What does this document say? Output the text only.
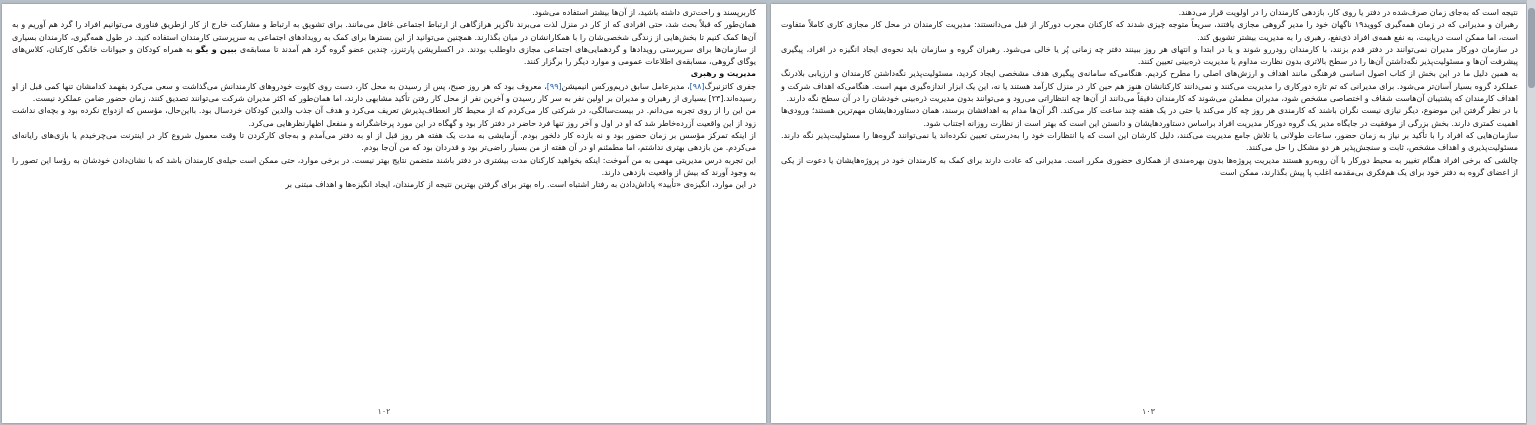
کاربرپسند و راحت‌تری داشته باشید، از آن‌ها بیشتر استفاده می‌شود.

همان‌طور که قبلاً بحث شد، حتی افرادی که از کار در منزل لذت می‌برند ناگزیر هرازگاهی از ارتباط اجتماعی غافل می‌مانند. برای تشویق به ارتباط و مشارکت خارج از کار ازطریق فناوری می‌توانیم افراد را گرد هم آوریم و به آن‌ها کمک کنیم تا بخش‌هایی از زندگی شخصی‌شان را با همکارانشان در میان بگذارند. همچنین می‌توانید از این بسترها برای کمک به رویدادهای اجتماعی به سرپرستی کارمندان استفاده کنید. در طول همه‌گیری، کارمندان بسیاری از سازمان‌ها برای سرپرستی رویدادها و گردهمایی‌های اجتماعی مجازی داوطلب بودند. در اکسلریشن پارتنرز، چندین عضو گروه گرد هم آمدند تا مسابقه‌ی ببین و بگو به همراه کودکان و حیوانات خانگی کارکنان، کلاس‌های یوگای گروهی، مسابقه‌ی اطلاعات عمومی و موارد دیگر را برگزار کنند.

مدیریت و رهبری

جفری کاتزنبرگ[۹۸]، مدیرعامل سابق دریم‌ورکس انیمیشن[۹۹]، معروف بود که هر روز صبح، پس از رسیدن به محل کار، دست روی کاپوت خودروهای کارمندانش می‌گذاشت و سعی می‌کرد بفهمد کدامشان تنها کمی قبل از او رسیده‌اند.[۲۳] بسیاری از رهبران و مدیران بر اولین نفر به سر کار رسیدن و آخرین نفر از محل کار رفتن تأکید مشابهی دارند، اما همان‌طور که اکثر مدیران شرکت می‌توانند تصدیق کنند، زمان حضور ضامن عملکرد نیست.

من این را از روی تجربه می‌دانم. در بیست‌سالگی، در شرکتی کار می‌کردم که از محیط کار انعطاف‌پذیرش تعریف می‌کرد و هدف آن جذب والدین کودکان خردسال بود. بااین‌حال، مؤسس که ازدواج نکرده بود و بچه‌ای نداشت زود از این واقعیت آزرده‌خاطر شد که او در اول و آخر روز تنها فرد حاضر در دفتر کار بود و گهگاه در این مورد پرخاشگرانه و منفعل اظهارنظرهایی می‌کرد.

از اینکه تمرکز مؤسس بر زمان حضور بود و نه بازده کار دلخور بودم. آزمایشی به مدت یک هفته هر روز قبل از او به دفتر می‌آمدم و به‌جای کارکردن تا وقت معمول شروع کار در اینترنت می‌چرخیدم یا بازی‌های رایانه‌ای می‌کردم. من بازدهی بهتری نداشتم، اما مطمئنم او در آن هفته از من بسیار راضی‌تر بود و قدردان بود که من آن‌جا بودم.

این تجربه درس مدیریتی مهمی به من آموخت: اینکه بخواهید کارکنان مدت بیشتری در دفتر باشند متضمن نتایج بهتر نیست. در برخی موارد، حتی ممکن است حیله‌ی کارمندان باشد که با نشان‌دادن خودشان به رؤسا این تصور را به وجود آورند که بیش از واقعیت بازدهی دارند.

در این موارد، انگیزه‌ی «تأیید» پاداش‌دادن به رفتار اشتباه است. راه بهتر برای گرفتن بهترین نتیجه از کارمندان، ایجاد انگیزه‌ها و اهداف مبتنی بر

۱۰۲

نتیجه است که به‌جای زمان صرف‌شده در دفتر یا روی کار، بازدهی کارمندان را در اولویت قرار می‌دهند.

رهبران و مدیرانی که در زمان همه‌گیری کووید۱۹ ناگهان خود را مدیر گروهی مجازی یافتند، سریعاً متوجه چیزی شدند که کارکنان مجرب دورکار از قبل می‌دانستند: مدیریت کارمندان در محل کار مجازی کاری کاملاً متفاوت است، اما ممکن است دریابیت، به نفع همه‌ی افراد ذی‌نفع، رهبری را به مدیریت بیشتر تشویق کند.

در سازمان دورکار مدیران نمی‌توانند در دفتر قدم بزنند، با کارمندان رودررو شوند و یا در ابتدا و انتهای هر روز ببینند دفتر چه زمانی پُر یا خالی می‌شود. رهبران گروه و سازمان باید نحوه‌ی ایجاد انگیزه در افراد، پیگیری پیشرفت آن‌ها و مسئولیت‌پذیر نگه‌داشتن آن‌ها را در سطح بالاتری بدون نظارت مداوم یا مدیریت ذره‌بینی تعیین کنند.

به همین دلیل ما در این بخش از کتاب اصول اساسی فرهنگی مانند اهداف و ارزش‌های اصلی را مطرح کردیم. هنگامی‌که سامانه‌ی پیگیری هدف مشخصی ایجاد کردید، مسئولیت‌پذیر نگه‌داشتن کارمندان و ارزیابی بلادرنگ عملکرد گروه بسیار آسان‌تر می‌شود. برای مدیرانی که تم تازه دورکاری را مدیریت می‌کنند و نمی‌دانند کارکنانشان هنوز هم حین کار در منزل کارآمد هستند یا نه، این یک ابزار اندازه‌گیری مهم است. هنگامی‌که اهداف شرکت و اهداف کارمندان که پشتیبان آن‌هاست شفاف و اختصاصی مشخص شود، مدیران مطمئن می‌شوند که کارمندان دقیقاً می‌دانند از آن‌ها چه انتظاراتی می‌رود و می‌توانند بدون مدیریت ذره‌بینی خودشان را در آن سطح نگه دارند.

با در نظر گرفتن این موضوع، دیگر نیازی نیست نگران باشند که کارمندی هر روز چه کار می‌کند یا حتی در یک هفته چند ساعت کار می‌کند. اگر آن‌ها مدام به اهدافشان برسند، همان دستاوردهایشان مهم‌ترین هستند؛ ورودی‌ها اهمیت کمتری دارند. بخش بزرگی از موفقیت در جایگاه مدیر یک گروه دورکار مدیریت افراد براساس دستاوردهایشان و دانستن این است که بهتر است از نظارت روزانه اجتناب شود.

سازمان‌هایی که افراد را با تأکید بر نیاز به زمان حضور، ساعات طولانی یا تلاش جامع مدیریت می‌کنند، دلیل کارشان این است که یا انتظارات خود را به‌درستی تعیین نکرده‌اند یا نمی‌توانند گروه‌ها را مسئولیت‌پذیر نگه دارند. مسئولیت‌پذیری و اهداف مشخص، ثابت و سنجش‌پذیر هر دو مشکل را حل می‌کنند.

چالشی که برخی افراد هنگام تغییر به محیط دورکار با آن روبه‌رو هستند مدیریت پروژه‌ها بدون بهره‌مندی از همکاری حضوری مکرر است. مدیرانی که عادت دارند برای کمک به کارمندان خود در پروژه‌هایشان یا دعوت از یکی از اعضای گروه به دفتر خود برای یک هم‌فکری بی‌مقدمه اغلب پا پیش بگذارند، ممکن است

۱۰۳
